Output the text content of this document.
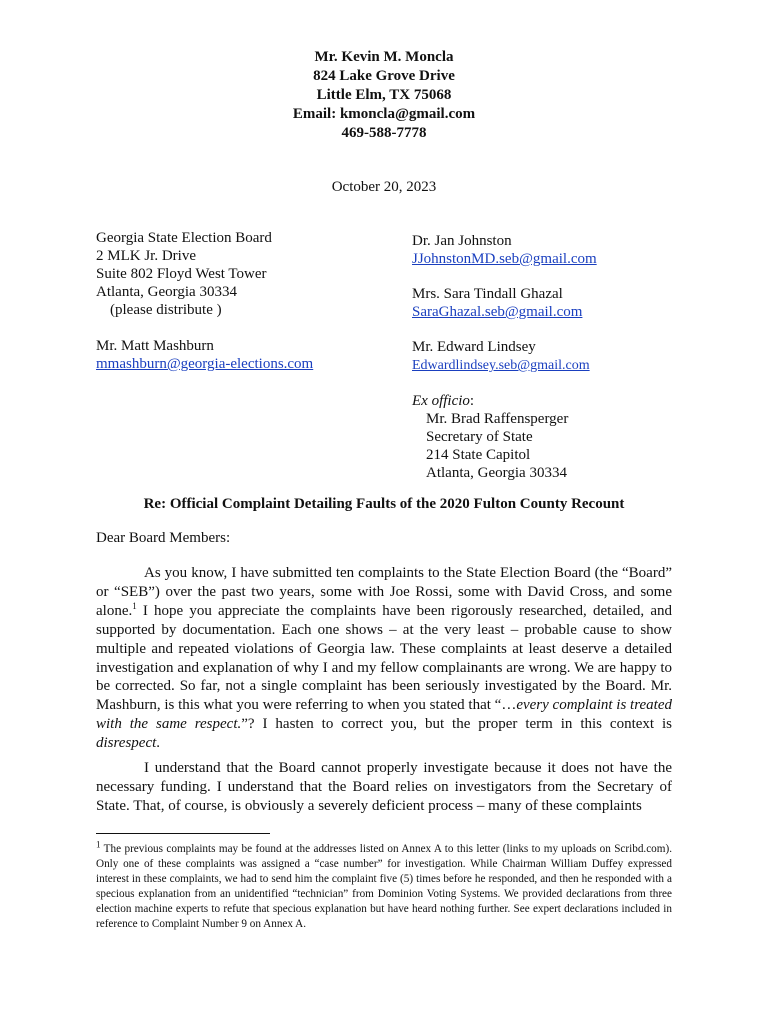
Mr. Kevin M. Moncla
824 Lake Grove Drive
Little Elm, TX 75068
Email: kmoncla@gmail.com
469-588-7778
October 20, 2023
Georgia State Election Board
2 MLK Jr. Drive
Suite 802 Floyd West Tower
Atlanta, Georgia 30334
(please distribute )
Mr. Matt Mashburn
mmashburn@georgia-elections.com
Dr. Jan Johnston
JJohnstonMD.seb@gmail.com
Mrs. Sara Tindall Ghazal
SaraGhazal.seb@gmail.com
Mr. Edward Lindsey
Edwardlindsey.seb@gmail.com
Ex officio:
Mr. Brad Raffensperger
Secretary of State
214 State Capitol
Atlanta, Georgia 30334
Re: Official Complaint Detailing Faults of the 2020 Fulton County Recount
Dear Board Members:
As you know, I have submitted ten complaints to the State Election Board (the “Board” or “SEB”) over the past two years, some with Joe Rossi, some with David Cross, and some alone.$^1$ I hope you appreciate the complaints have been rigorously researched, detailed, and supported by documentation. Each one shows – at the very least – probable cause to show multiple and repeated violations of Georgia law. These complaints at least deserve a detailed investigation and explanation of why I and my fellow complainants are wrong. We are happy to be corrected. So far, not a single complaint has been seriously investigated by the Board. Mr. Mashburn, is this what you were referring to when you stated that “…every complaint is treated with the same respect.”? I hasten to correct you, but the proper term in this context is disrespect.
I understand that the Board cannot properly investigate because it does not have the necessary funding. I understand that the Board relies on investigators from the Secretary of State. That, of course, is obviously a severely deficient process – many of these complaints
$^1$ The previous complaints may be found at the addresses listed on Annex A to this letter (links to my uploads on Scribd.com). Only one of these complaints was assigned a “case number” for investigation. While Chairman William Duffey expressed interest in these complaints, we had to send him the complaint five (5) times before he responded, and then he responded with a specious explanation from an unidentified “technician” from Dominion Voting Systems. We provided declarations from three election machine experts to refute that specious explanation but have heard nothing further. See expert declarations included in reference to Complaint Number 9 on Annex A.
